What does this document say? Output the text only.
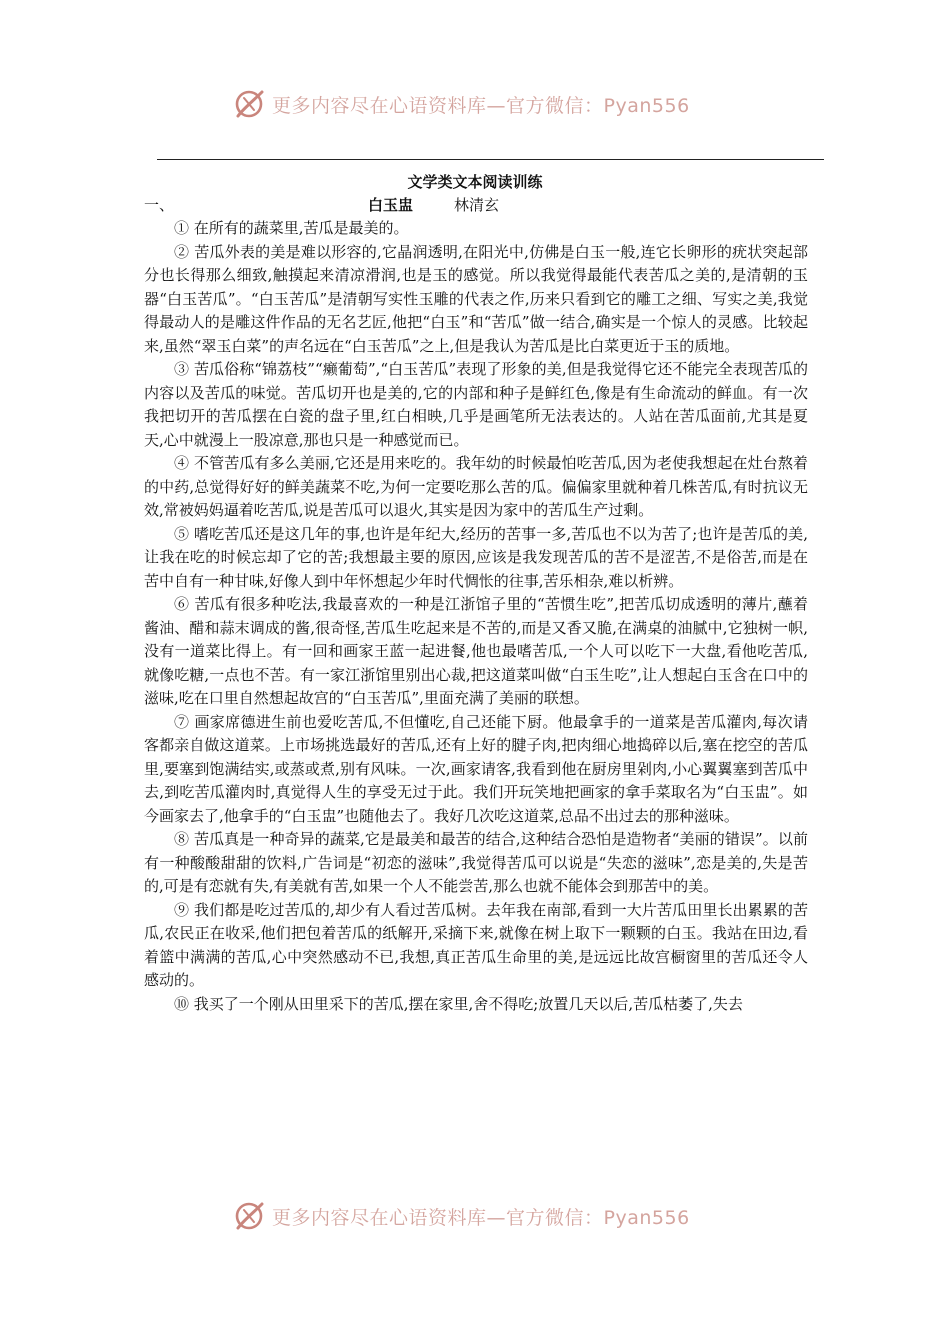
更多内容尽在心语资料库—官方微信：Pyan556
文学类文本阅读训练
一、	白玉盅	林清玄

① 在所有的蔬菜里,苦瓜是最美的。

② 苦瓜外表的美是难以形容的,它晶润透明,在阳光中,仿佛是白玉一般,连它长卵形的疣状突起部分也长得那么细致,触摸起来清凉滑润,也是玉的感觉。所以我觉得最能代表苦瓜之美的,是清朝的玉器“白玉苦瓜”。“白玉苦瓜”是清朝写实性玉雕的代表之作,历来只看到它的雕工之细、写实之美,我觉得最动人的是雕这件作品的无名艺匠,他把“白玉”和“苦瓜”做一结合,确实是一个惊人的灵感。比较起来,虽然“翠玉白菜”的声名远在“白玉苦瓜”之上,但是我认为苦瓜是比白菜更近于玉的质地。

③ 苦瓜俗称“锦荔枝”“癞葡萄”,“白玉苦瓜”表现了形象的美,但是我觉得它还不能完全表现苦瓜的内容以及苦瓜的味觉。苦瓜切开也是美的,它的内部和种子是鲜红色,像是有生命流动的鲜血。有一次我把切开的苦瓜摆在白瓷的盘子里,红白相映,几乎是画笔所无法表达的。人站在苦瓜面前,尤其是夏天,心中就漫上一股凉意,那也只是一种感觉而已。

④ 不管苦瓜有多么美丽,它还是用来吃的。我年幼的时候最怕吃苦瓜,因为老使我想起在灶台熬着的中药,总觉得好好的鲜美蔬菜不吃,为何一定要吃那么苦的瓜。偏偏家里就种着几株苦瓜,有时抗议无效,常被妈妈逼着吃苦瓜,说是苦瓜可以退火,其实是因为家中的苦瓜生产过剩。

⑤ 嗜吃苦瓜还是这几年的事,也许是年纪大,经历的苦事一多,苦瓜也不以为苦了;也许是苦瓜的美,让我在吃的时候忘却了它的苦;我想最主要的原因,应该是我发现苦瓜的苦不是涩苦,不是俗苦,而是在苦中自有一种甘味,好像人到中年怀想起少年时代惆怅的往事,苦乐相杂,难以析辨。

⑥ 苦瓜有很多种吃法,我最喜欢的一种是江浙馆子里的“苦惯生吃”,把苦瓜切成透明的薄片,蘸着酱油、醋和蒜末调成的酱,很奇怪,苦瓜生吃起来是不苦的,而是又香又脆,在满桌的油腻中,它独树一帜,没有一道菜比得上。有一回和画家王蓝一起进餐,他也最嗜苦瓜,一个人可以吃下一大盘,看他吃苦瓜,就像吃糖,一点也不苦。有一家江浙馆里别出心裁,把这道菜叫做“白玉生吃”,让人想起白玉含在口中的滋味,吃在口里自然想起故宫的“白玉苦瓜”,里面充满了美丽的联想。

⑦ 画家席德进生前也爱吃苦瓜,不但懂吃,自己还能下厨。他最拿手的一道菜是苦瓜灌肉,每次请客都亲自做这道菜。上市场挑选最好的苦瓜,还有上好的腱子肉,把肉细心地捣碎以后,塞在挖空的苦瓜里,要塞到饱满结实,或蒸或煮,别有风味。一次,画家请客,我看到他在厨房里剁肉,小心翼翼塞到苦瓜中去,到吃苦瓜灌肉时,真觉得人生的享受无过于此。我们开玩笑地把画家的拿手菜取名为“白玉盅”。如今画家去了,他拿手的“白玉盅”也随他去了。我好几次吃这道菜,总品不出过去的那种滋味。

⑧ 苦瓜真是一种奇异的蔬菜,它是最美和最苦的结合,这种结合恐怕是造物者“美丽的错误”。以前有一种酸酸甜甜的饮料,广告词是“初恋的滋味”,我觉得苦瓜可以说是“失恋的滋味”,恋是美的,失是苦的,可是有恋就有失,有美就有苦,如果一个人不能尝苦,那么也就不能体会到那苦中的美。

⑨ 我们都是吃过苦瓜的,却少有人看过苦瓜树。去年我在南部,看到一大片苦瓜田里长出累累的苦瓜,农民正在收采,他们把包着苦瓜的纸解开,采摘下来,就像在树上取下一颗颗的白玉。我站在田边,看着篮中满满的苦瓜,心中突然感动不已,我想,真正苦瓜生命里的美,是远远比故宫橱窗里的苦瓜还令人感动的。

⑩ 我买了一个刚从田里采下的苦瓜,摆在家里,舍不得吃;放置几天以后,苦瓜枯萎了,失去

更多内容尽在心语资料库—官方微信：Pyan556
